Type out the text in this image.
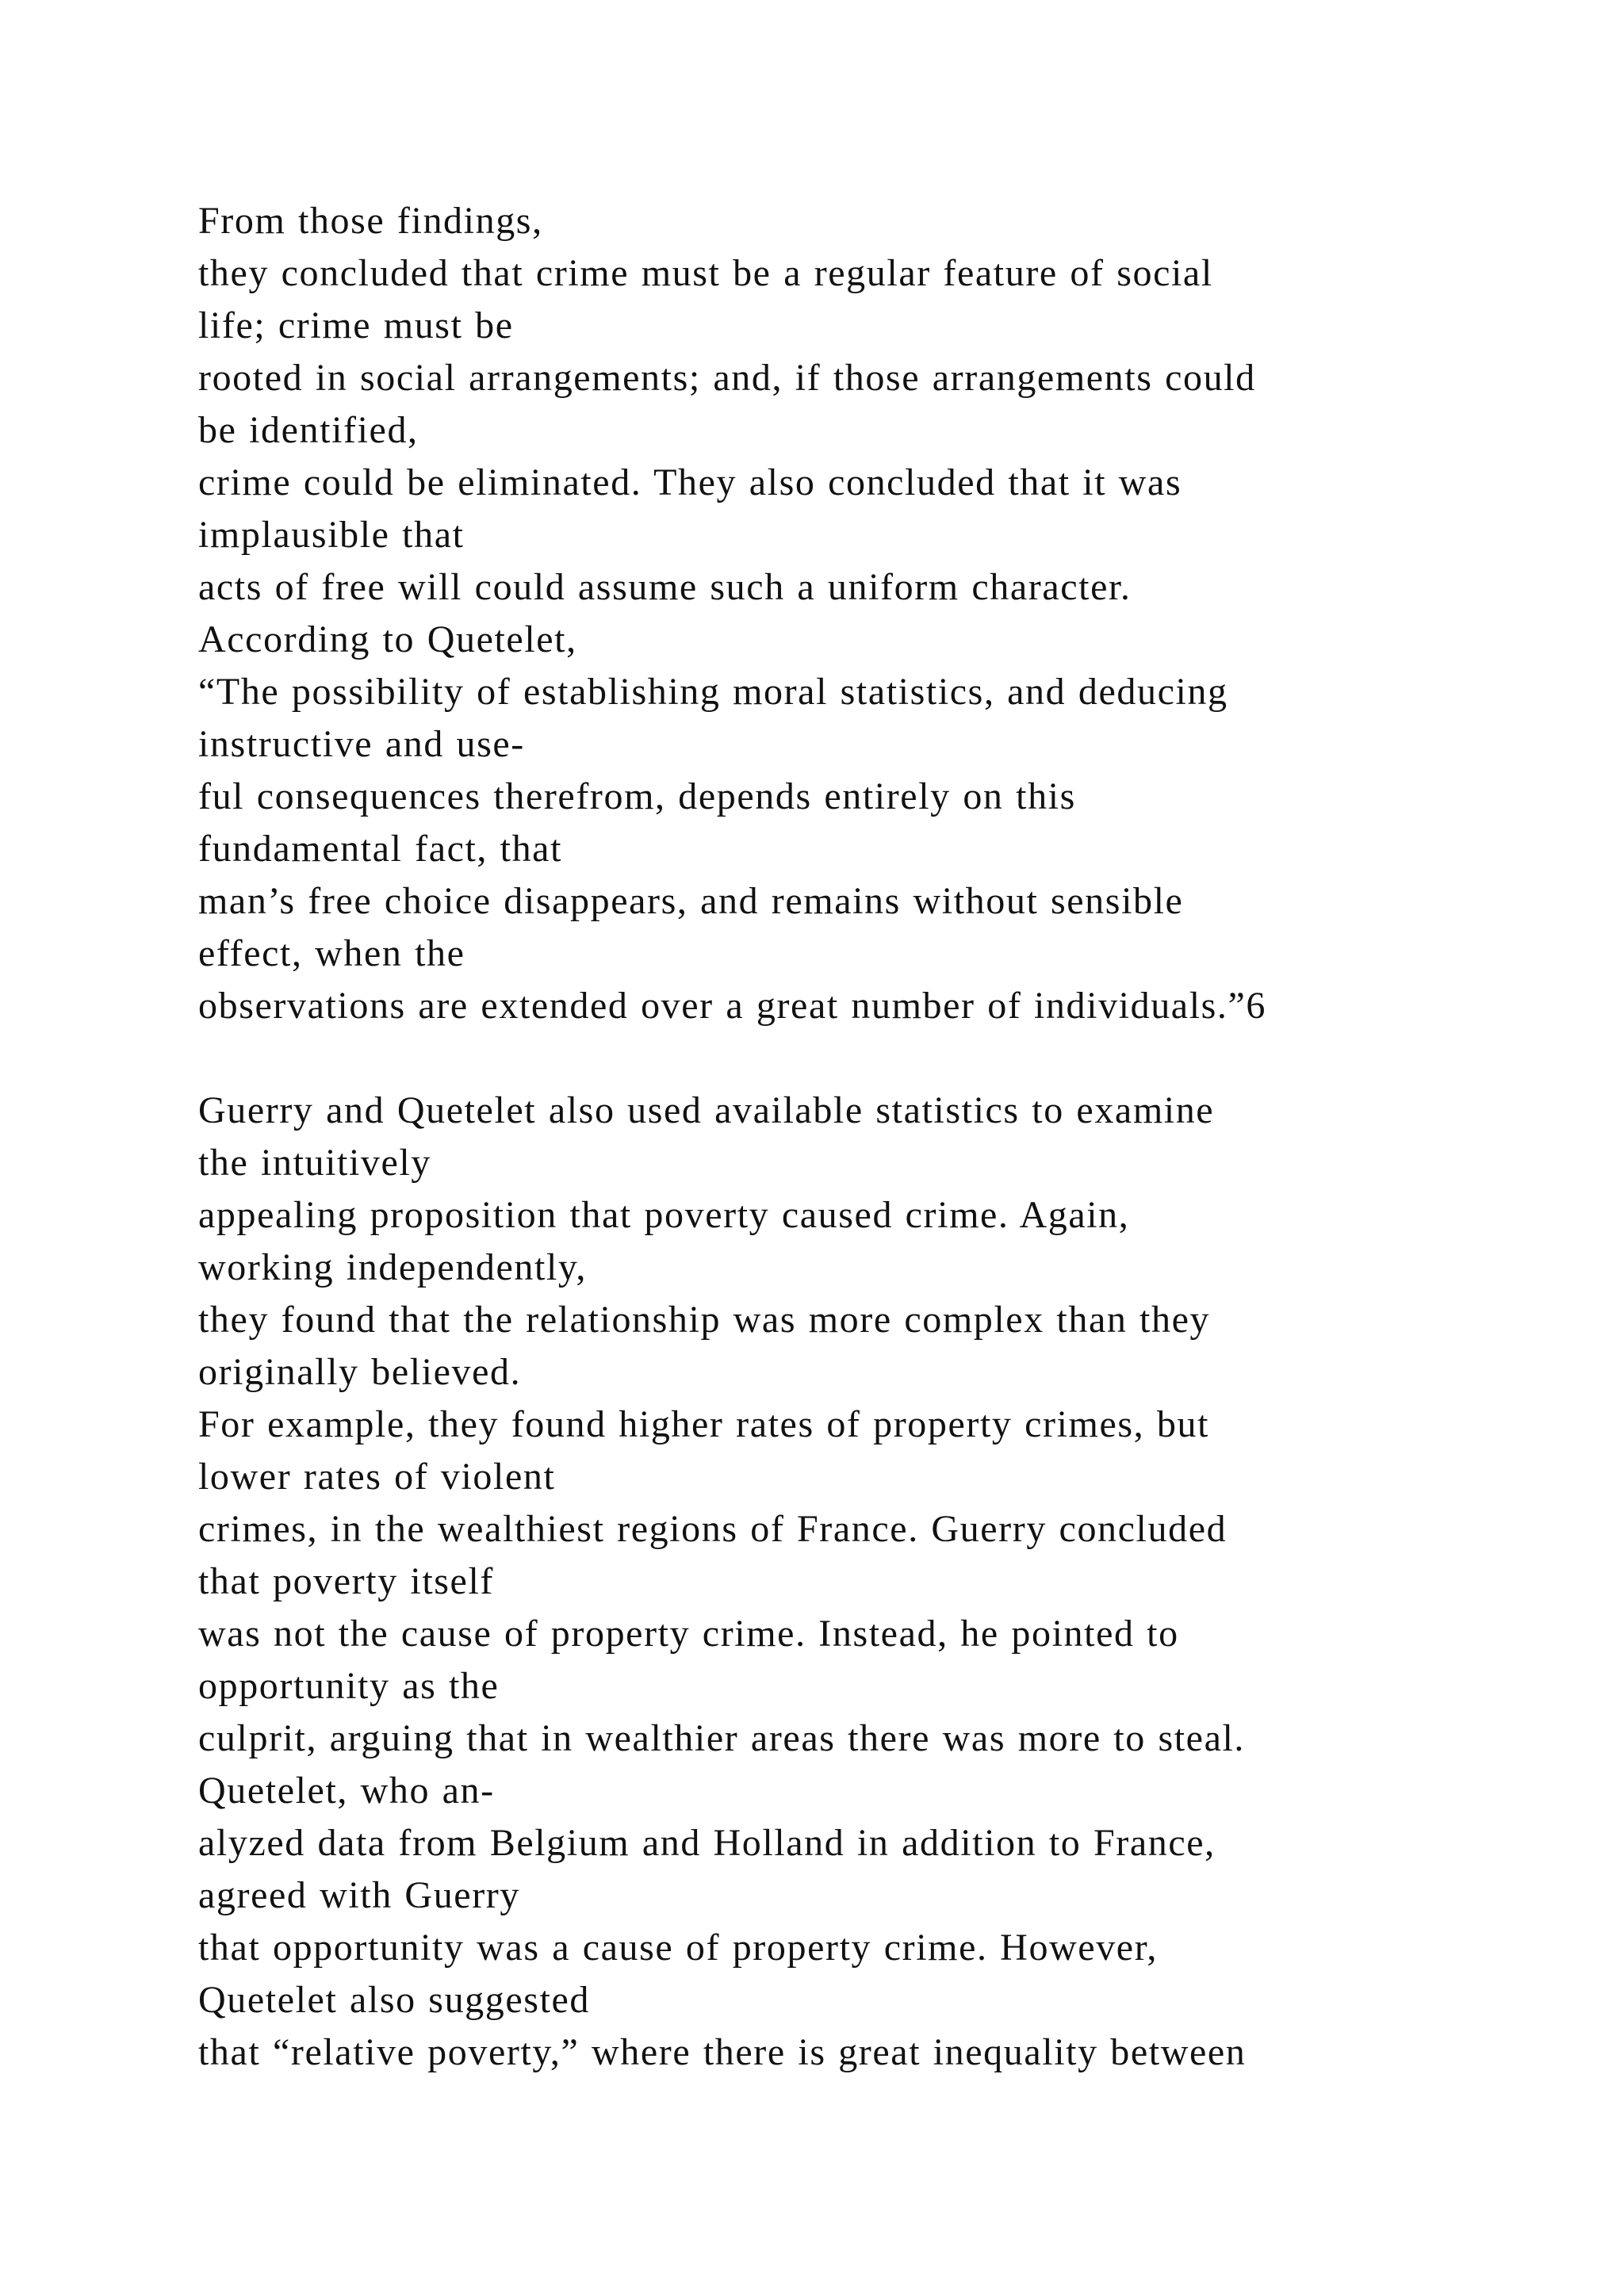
From those findings,
they concluded that crime must be a regular feature of social
life; crime must be
rooted in social arrangements; and, if those arrangements could
be identified,
crime could be eliminated. They also concluded that it was
implausible that
acts of free will could assume such a uniform character.
According to Quetelet,
“The possibility of establishing moral statistics, and deducing
instructive and use-
ful consequences therefrom, depends entirely on this
fundamental fact, that
man’s free choice disappears, and remains without sensible
effect, when the
observations are extended over a great number of individuals.”6
Guerry and Quetelet also used available statistics to examine
the intuitively
appealing proposition that poverty caused crime. Again,
working independently,
they found that the relationship was more complex than they
originally believed.
For example, they found higher rates of property crimes, but
lower rates of violent
crimes, in the wealthiest regions of France. Guerry concluded
that poverty itself
was not the cause of property crime. Instead, he pointed to
opportunity as the
culprit, arguing that in wealthier areas there was more to steal.
Quetelet, who an-
alyzed data from Belgium and Holland in addition to France,
agreed with Guerry
that opportunity was a cause of property crime. However,
Quetelet also suggested
that “relative poverty,” where there is great inequality between
